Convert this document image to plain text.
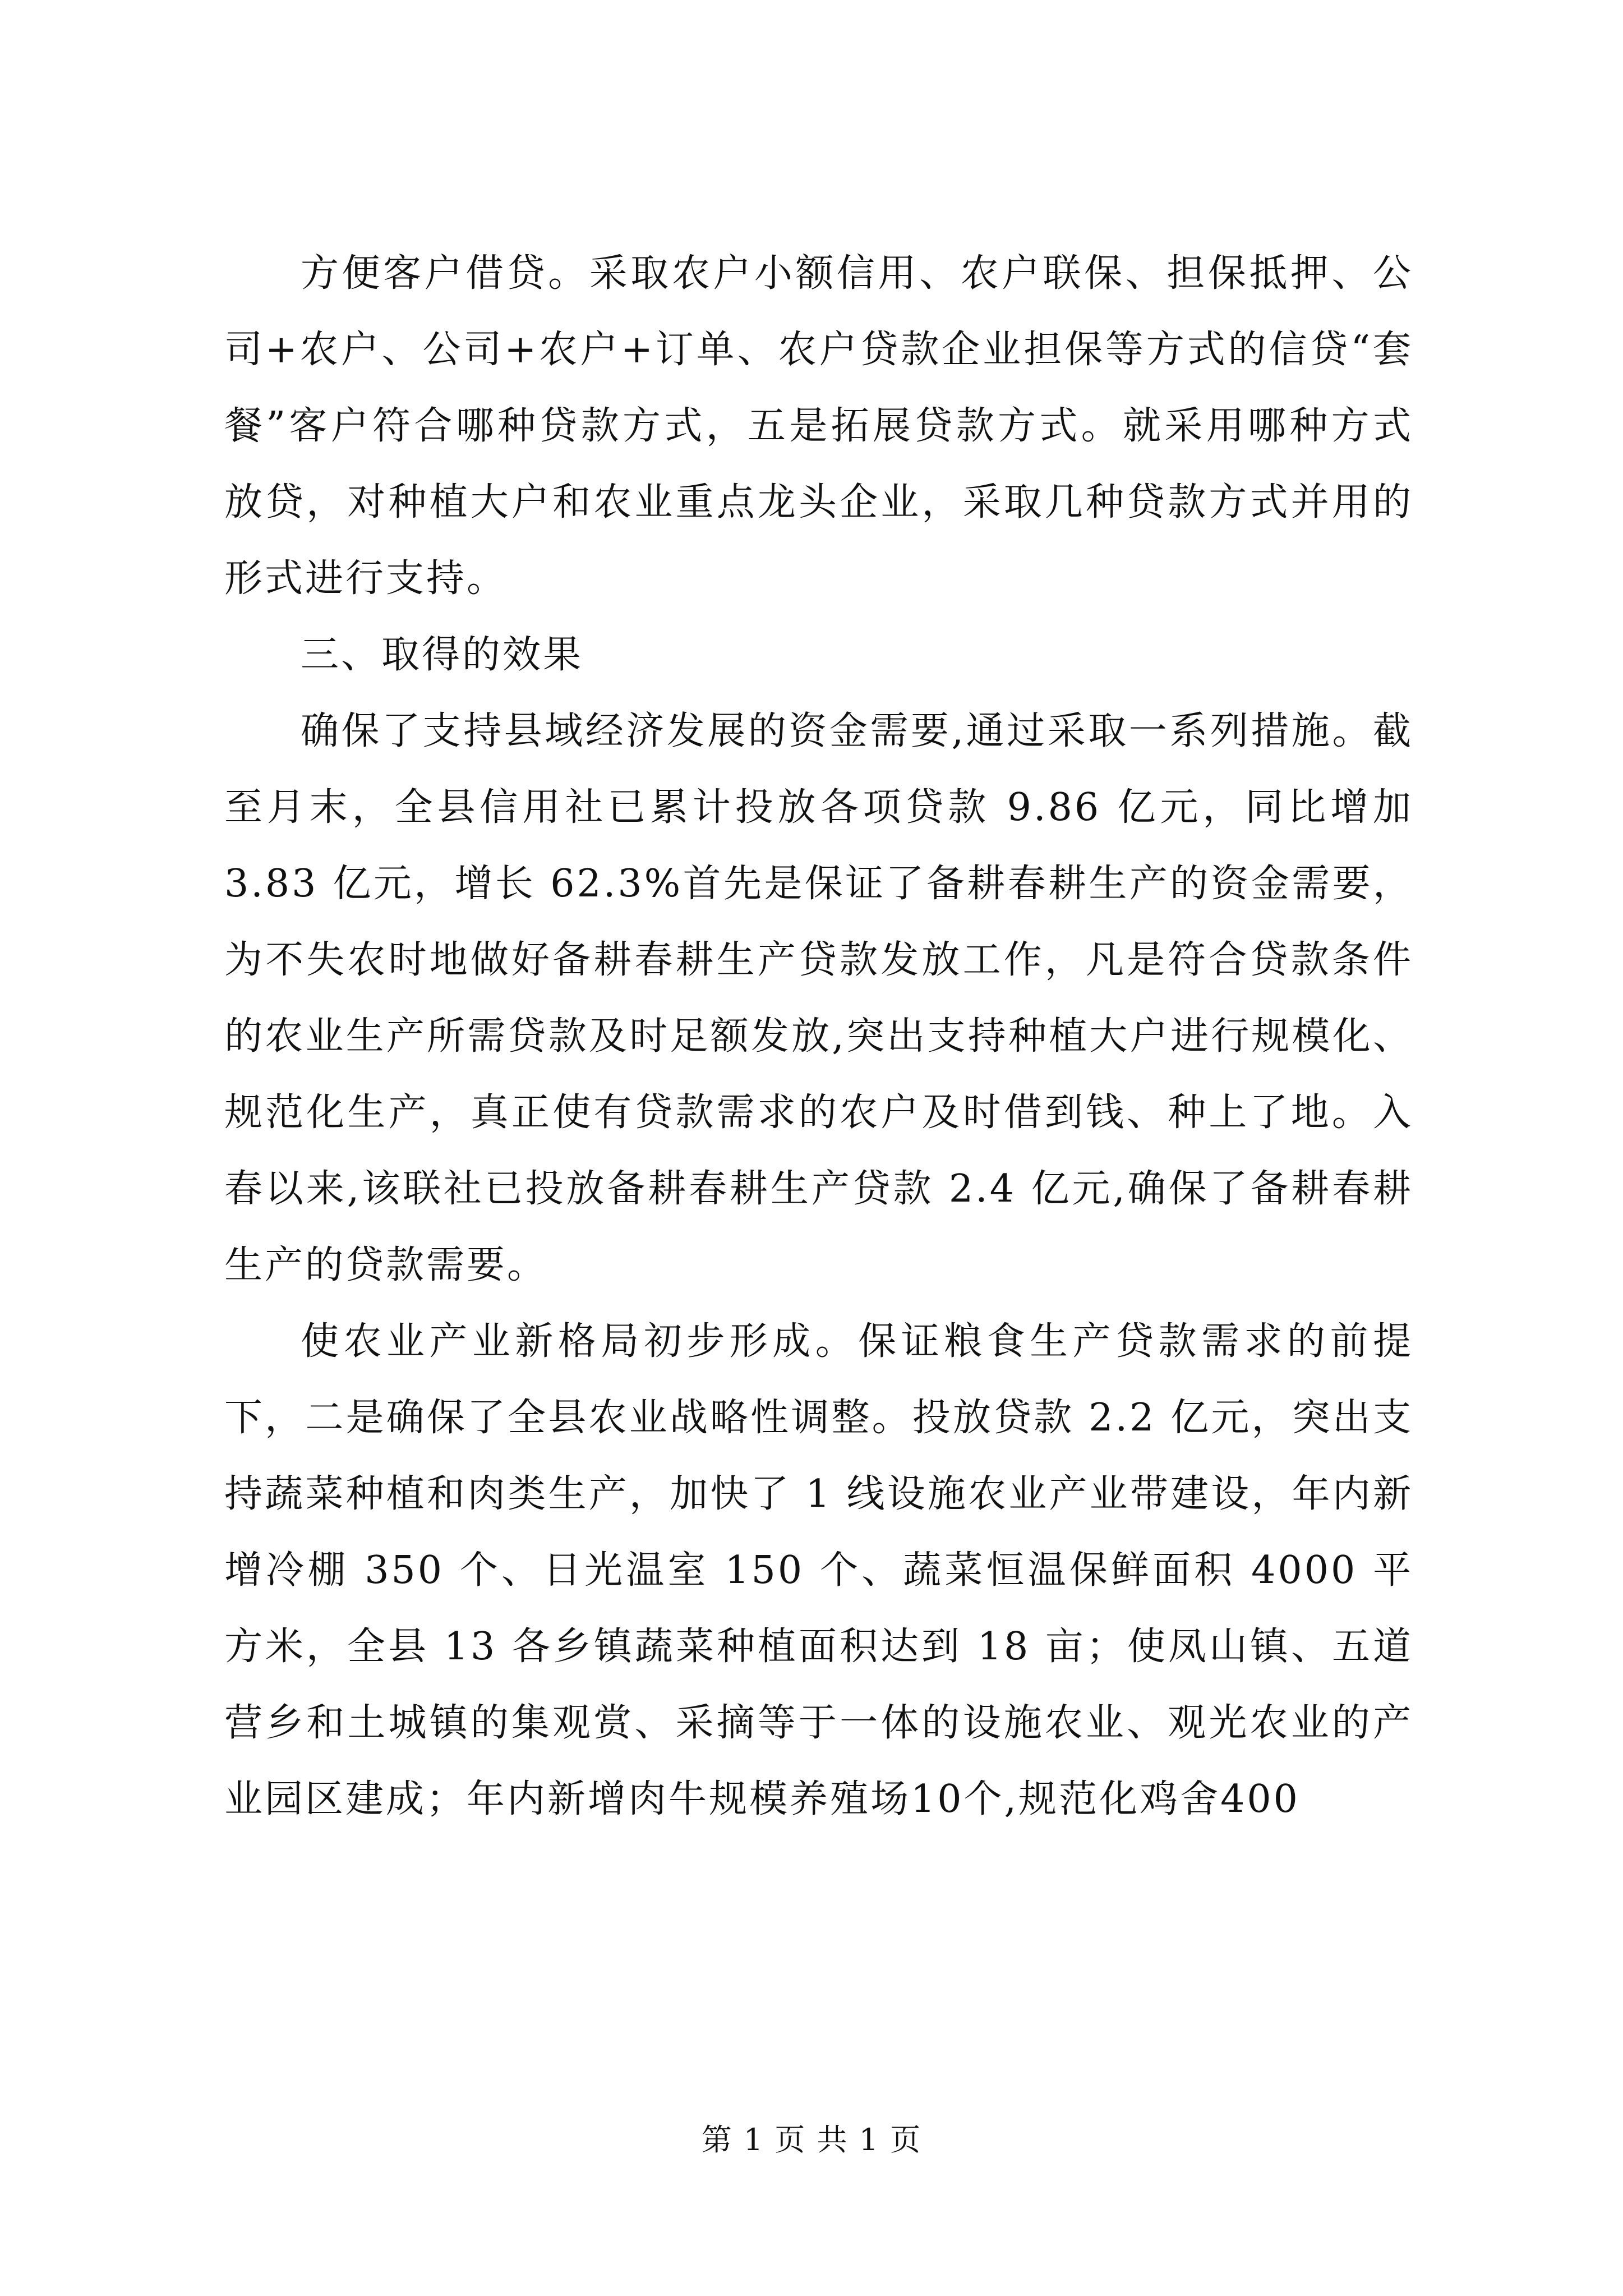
方便客户借贷。采取农户小额信用、农户联保、担保抵押、公司+农户、公司+农户+订单、农户贷款企业担保等方式的信贷“套餐”客户符合哪种贷款方式，五是拓展贷款方式。就采用哪种方式放贷，对种植大户和农业重点龙头企业，采取几种贷款方式并用的形式进行支持。

三、取得的效果

确保了支持县域经济发展的资金需要,通过采取一系列措施。截至月末，全县信用社已累计投放各项贷款 9.86 亿元，同比增加 3.83 亿元，增长 62.3%首先是保证了备耕春耕生产的资金需要，为不失农时地做好备耕春耕生产贷款发放工作，凡是符合贷款条件的农业生产所需贷款及时足额发放,突出支持种植大户进行规模化、规范化生产，真正使有贷款需求的农户及时借到钱、种上了地。入春以来,该联社已投放备耕春耕生产贷款 2.4 亿元,确保了备耕春耕生产的贷款需要。

使农业产业新格局初步形成。保证粮食生产贷款需求的前提下，二是确保了全县农业战略性调整。投放贷款 2.2 亿元，突出支持蔬菜种植和肉类生产，加快了 1 线设施农业产业带建设，年内新增冷棚 350 个、日光温室 150 个、蔬菜恒温保鲜面积 4000 平方米，全县 13 各乡镇蔬菜种植面积达到 18 亩；使凤山镇、五道营乡和土城镇的集观赏、采摘等于一体的设施农业、观光农业的产业园区建成；年内新增肉牛规模养殖场10个,规范化鸡舍400

第 1 页 共 1 页
